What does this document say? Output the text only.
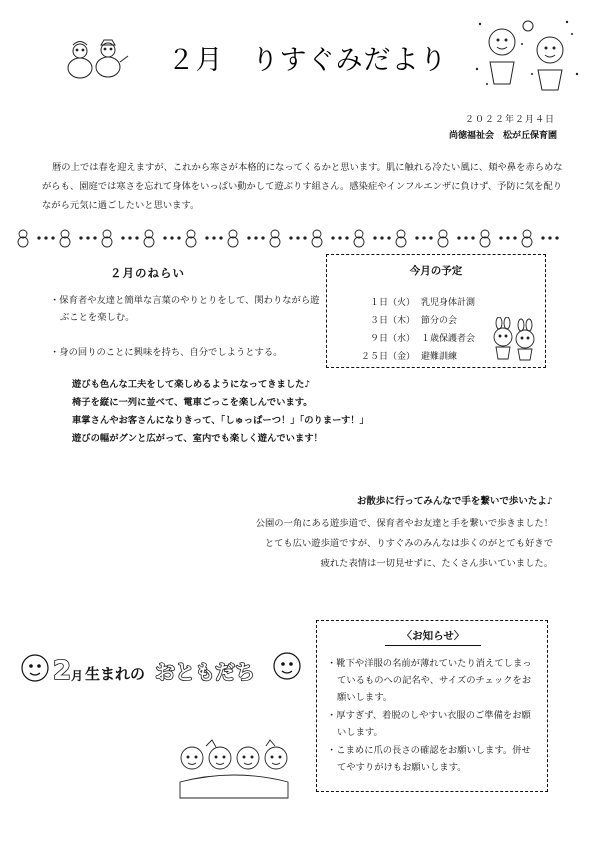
２月　りすぐみだより
２０２２年２月４日
尚徳福祉会　松が丘保育園
暦の上では春を迎えますが、これから寒さが本格的になってくるかと思います。肌に触れる冷たい風に、頬や鼻を赤らめながらも、園庭では寒さを忘れて身体をいっぱい動かして遊ぶりす組さん。感染症やインフルエンザに負けず、予防に気を配りながら元気に過ごしたいと思います。
２月のねらい
・保育者や友達と簡単な言葉のやりとりをして、関わりながら遊ぶことを楽しむ。
・身の回りのことに興味を持ち、自分でしようとする。
今月の予定
１日（火） 乳児身体計測
３日（木） 節分の会
９日（水） １歳保護者会
２５日（金） 避難訓練
遊びも色んな工夫をして楽しめるようになってきました♪
椅子を縦に一列に並べて、電車ごっこを楽しんでいます。
車掌さんやお客さんになりきって、「しゅっぱーつ！」「のりまーす！」
遊びの幅がグンと広がって、室内でも楽しく遊んでいます！
お散歩に行ってみんなで手を繋いで歩いたよ♪
公園の一角にある遊歩道で、保育者やお友達と手を繋いで歩きました！
とても広い遊歩道ですが、りすぐみのみんなは歩くのがとても好きで
疲れた表情は一切見せずに、たくさん歩いていました。
2 月 生まれの おともだち
〈お知らせ〉
・靴下や洋服の名前が薄れていたり消えてしまっているものへの記名や、サイズのチェックをお願いします。
・厚すぎず、着脱のしやすい衣服のご準備をお願いします。
・こまめに爪の長さの確認をお願いします。併せてやすりがけもお願いします。
